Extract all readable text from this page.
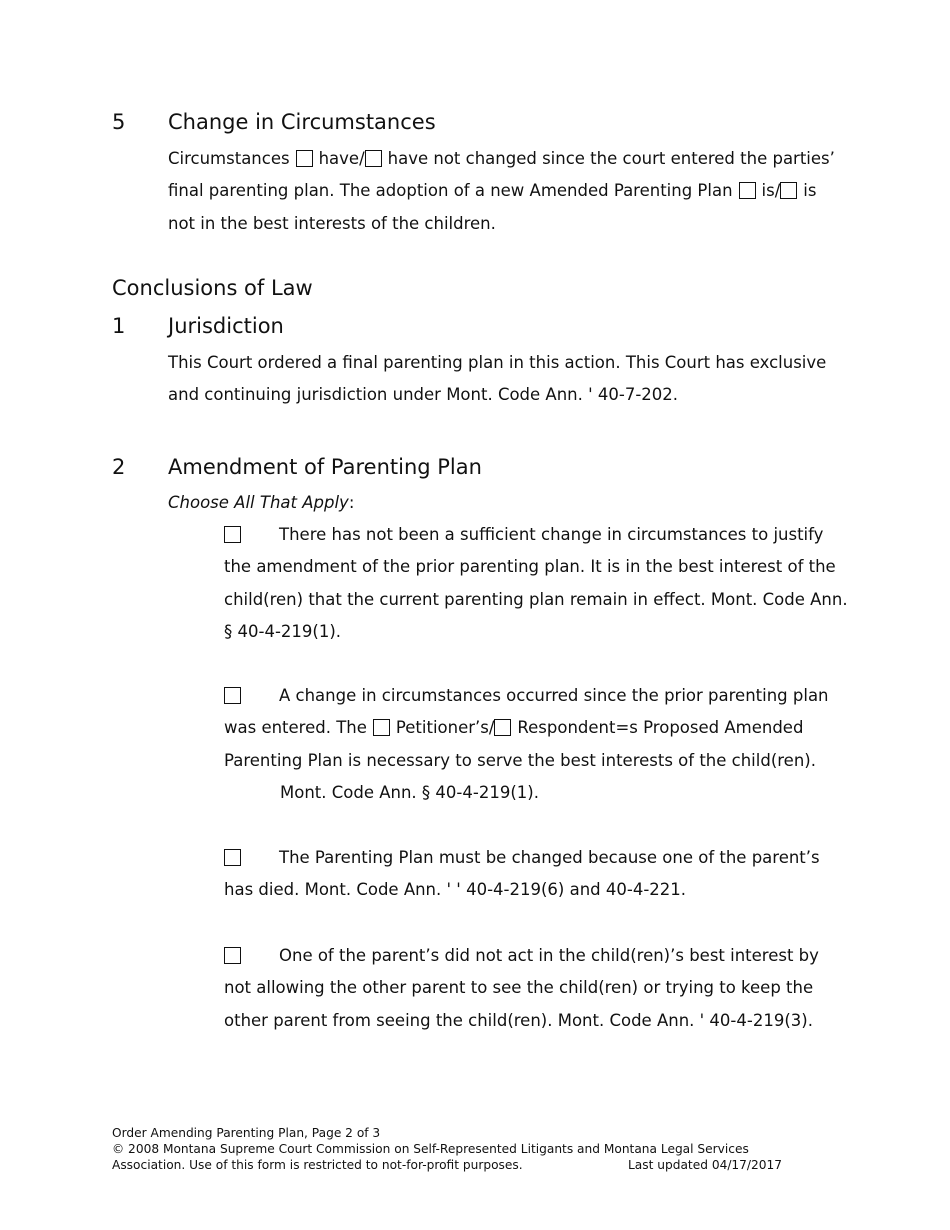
5 Change in Circumstances
Circumstances have/ have not changed since the court entered the parties’
final parenting plan. The adoption of a new Amended Parenting Plan is/ is
not in the best interests of the children.
Conclusions of Law
1 Jurisdiction
This Court ordered a final parenting plan in this action. This Court has exclusive
and continuing jurisdiction under Mont. Code Ann. ' 40-7-202.
2 Amendment of Parenting Plan
Choose All That Apply:
There has not been a sufficient change in circumstances to justify
the amendment of the prior parenting plan. It is in the best interest of the
child(ren) that the current parenting plan remain in effect. Mont. Code Ann.
§ 40-4-219(1).
A change in circumstances occurred since the prior parenting plan
was entered. The Petitioner’s/ Respondent=s Proposed Amended
Parenting Plan is necessary to serve the best interests of the child(ren).
Mont. Code Ann. § 40-4-219(1).
The Parenting Plan must be changed because one of the parent’s
has died. Mont. Code Ann. ' ' 40-4-219(6) and 40-4-221.
One of the parent’s did not act in the child(ren)’s best interest by
not allowing the other parent to see the child(ren) or trying to keep the
other parent from seeing the child(ren). Mont. Code Ann. ' 40-4-219(3).
Order Amending Parenting Plan, Page 2 of 3
© 2008 Montana Supreme Court Commission on Self-Represented Litigants and Montana Legal Services
Association. Use of this form is restricted to not-for-profit purposes.	Last updated 04/17/2017
